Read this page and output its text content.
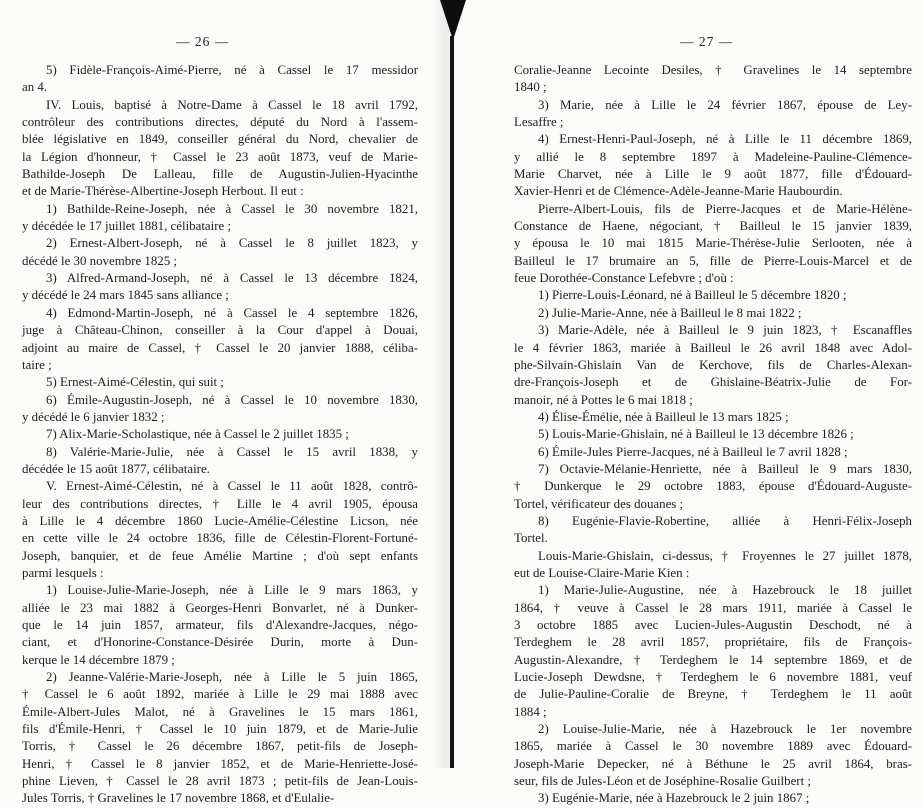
— 26 —
5) Fidèle-François-Aimé-Pierre, né à Cassel le 17 messidor
an 4.
IV. Louis, baptisé à Notre-Dame à Cassel le 18 avril 1792,
contrôleur des contributions directes, député du Nord à l'assem-
blée législative en 1849, conseiller général du Nord, chevalier de
la Légion d'honneur, † Cassel le 23 août 1873, veuf de Marie-
Bathilde-Joseph De Lalleau, fille de Augustin-Julien-Hyacinthe
et de Marie-Thérèse-Albertine-Joseph Herbout. Il eut :
1) Bathilde-Reine-Joseph, née à Cassel le 30 novembre 1821,
y décédée le 17 juillet 1881, célibataire ;
2) Ernest-Albert-Joseph, né à Cassel le 8 juillet 1823, y
décédé le 30 novembre 1825 ;
3) Alfred-Armand-Joseph, né à Cassel le 13 décembre 1824,
y décédé le 24 mars 1845 sans alliance ;
4) Edmond-Martin-Joseph, né à Cassel le 4 septembre 1826,
juge à Château-Chinon, conseiller à la Cour d'appel à Douai,
adjoint au maire de Cassel, † Cassel le 20 janvier 1888, céliba-
taire ;
5) Ernest-Aimé-Célestin, qui suit ;
6) Émile-Augustin-Joseph, né à Cassel le 10 novembre 1830,
y décédé le 6 janvier 1832 ;
7) Alix-Marie-Scholastique, née à Cassel le 2 juillet 1835 ;
8) Valérie-Marie-Julie, née à Cassel le 15 avril 1838, y
décédée le 15 août 1877, célibataire.
V. Ernest-Aimé-Célestin, né à Cassel le 11 août 1828, contrô-
leur des contributions directes, † Lille le 4 avril 1905, épousa
à Lille le 4 décembre 1860 Lucie-Amélie-Célestine Licson, née
en cette ville le 24 octobre 1836, fille de Célestin-Florent-Fortuné-
Joseph, banquier, et de feue Amélie Martine ; d'où sept enfants
parmi lesquels :
1) Louise-Julie-Marie-Joseph, née à Lille le 9 mars 1863, y
alliée le 23 mai 1882 à Georges-Henri Bonvarlet, né à Dunker-
que le 14 juin 1857, armateur, fils d'Alexandre-Jacques, négo-
ciant, et d'Honorine-Constance-Désirée Durin, morte à Dun-
kerque le 14 décembre 1879 ;
2) Jeanne-Valérie-Marie-Joseph, née à Lille le 5 juin 1865,
† Cassel le 6 août 1892, mariée à Lille le 29 mai 1888 avec
Émile-Albert-Jules Malot, né à Gravelines le 15 mars 1861,
fils d'Émile-Henri, † Cassel le 10 juin 1879, et de Marie-Julie
Torris, † Cassel le 26 décembre 1867, petit-fils de Joseph-
Henri, † Cassel le 8 janvier 1852, et de Marie-Henriette-José-
phine Lieven, † Cassel le 28 avril 1873 ; petit-fils de Jean-Louis-
Jules Torris, † Gravelines le 17 novembre 1868, et d'Eulalie-
— 27 —
Coralie-Jeanne Lecointe Desiles, † Gravelines le 14 septembre
1840 ;
3) Marie, née à Lille le 24 février 1867, épouse de Ley-
Lesaffre ;
4) Ernest-Henri-Paul-Joseph, né à Lille le 11 décembre 1869,
y allié le 8 septembre 1897 à Madeleine-Pauline-Clémence-
Marie Charvet, née à Lille le 9 août 1877, fille d'Édouard-
Xavier-Henri et de Clémence-Adèle-Jeanne-Marie Haubourdin.
Pierre-Albert-Louis, fils de Pierre-Jacques et de Marie-Hélène-
Constance de Haene, négociant, † Bailleul le 15 janvier 1839,
y épousa le 10 mai 1815 Marie-Thérèse-Julie Serlooten, née à
Bailleul le 17 brumaire an 5, fille de Pierre-Louis-Marcel et de
feue Dorothée-Constance Lefebvre ; d'où :
1) Pierre-Louis-Léonard, né à Bailleul le 5 décembre 1820 ;
2) Julie-Marie-Anne, née à Bailleul le 8 mai 1822 ;
3) Marie-Adèle, née à Bailleul le 9 juin 1823, † Escanaffles
le 4 février 1863, mariée à Bailleul le 26 avril 1848 avec Adol-
phe-Silvain-Ghislain Van de Kerchove, fils de Charles-Alexan-
dre-François-Joseph et de Ghislaine-Béatrix-Julie de For-
manoir, né à Pottes le 6 mai 1818 ;
4) Élise-Émélie, née à Bailleul le 13 mars 1825 ;
5) Louis-Marie-Ghislain, né à Bailleul le 13 décembre 1826 ;
6) Émile-Jules Pierre-Jacques, né à Bailleul le 7 avril 1828 ;
7) Octavie-Mélanie-Henriette, née à Bailleul le 9 mars 1830,
† Dunkerque le 29 octobre 1883, épouse d'Édouard-Auguste-
Tortel, vérificateur des douanes ;
8) Eugénie-Flavie-Robertine, alliée à Henri-Félix-Joseph
Tortel.
Louis-Marie-Ghislain, ci-dessus, † Froyennes le 27 juillet 1878,
eut de Louise-Claire-Marie Kien :
1) Marie-Julie-Augustine, née à Hazebrouck le 18 juillet
1864, † veuve à Cassel le 28 mars 1911, mariée à Cassel le
3 octobre 1885 avec Lucien-Jules-Augustin Deschodt, né à
Terdeghem le 28 avril 1857, propriétaire, fils de François-
Augustin-Alexandre, † Terdeghem le 14 septembre 1869, et de
Lucie-Joseph Dewdsne, † Terdeghem le 6 novembre 1881, veuf
de Julie-Pauline-Coralie de Breyne, † Terdeghem le 11 août
1884 ;
2) Louise-Julie-Marie, née à Hazebrouck le 1er novembre
1865, mariée à Cassel le 30 novembre 1889 avec Édouard-
Joseph-Marie Depecker, né à Béthune le 25 avril 1864, bras-
seur, fils de Jules-Léon et de Joséphine-Rosalie Guilbert ;
3) Eugénie-Marie, née à Hazebrouck le 2 juin 1867 ;
